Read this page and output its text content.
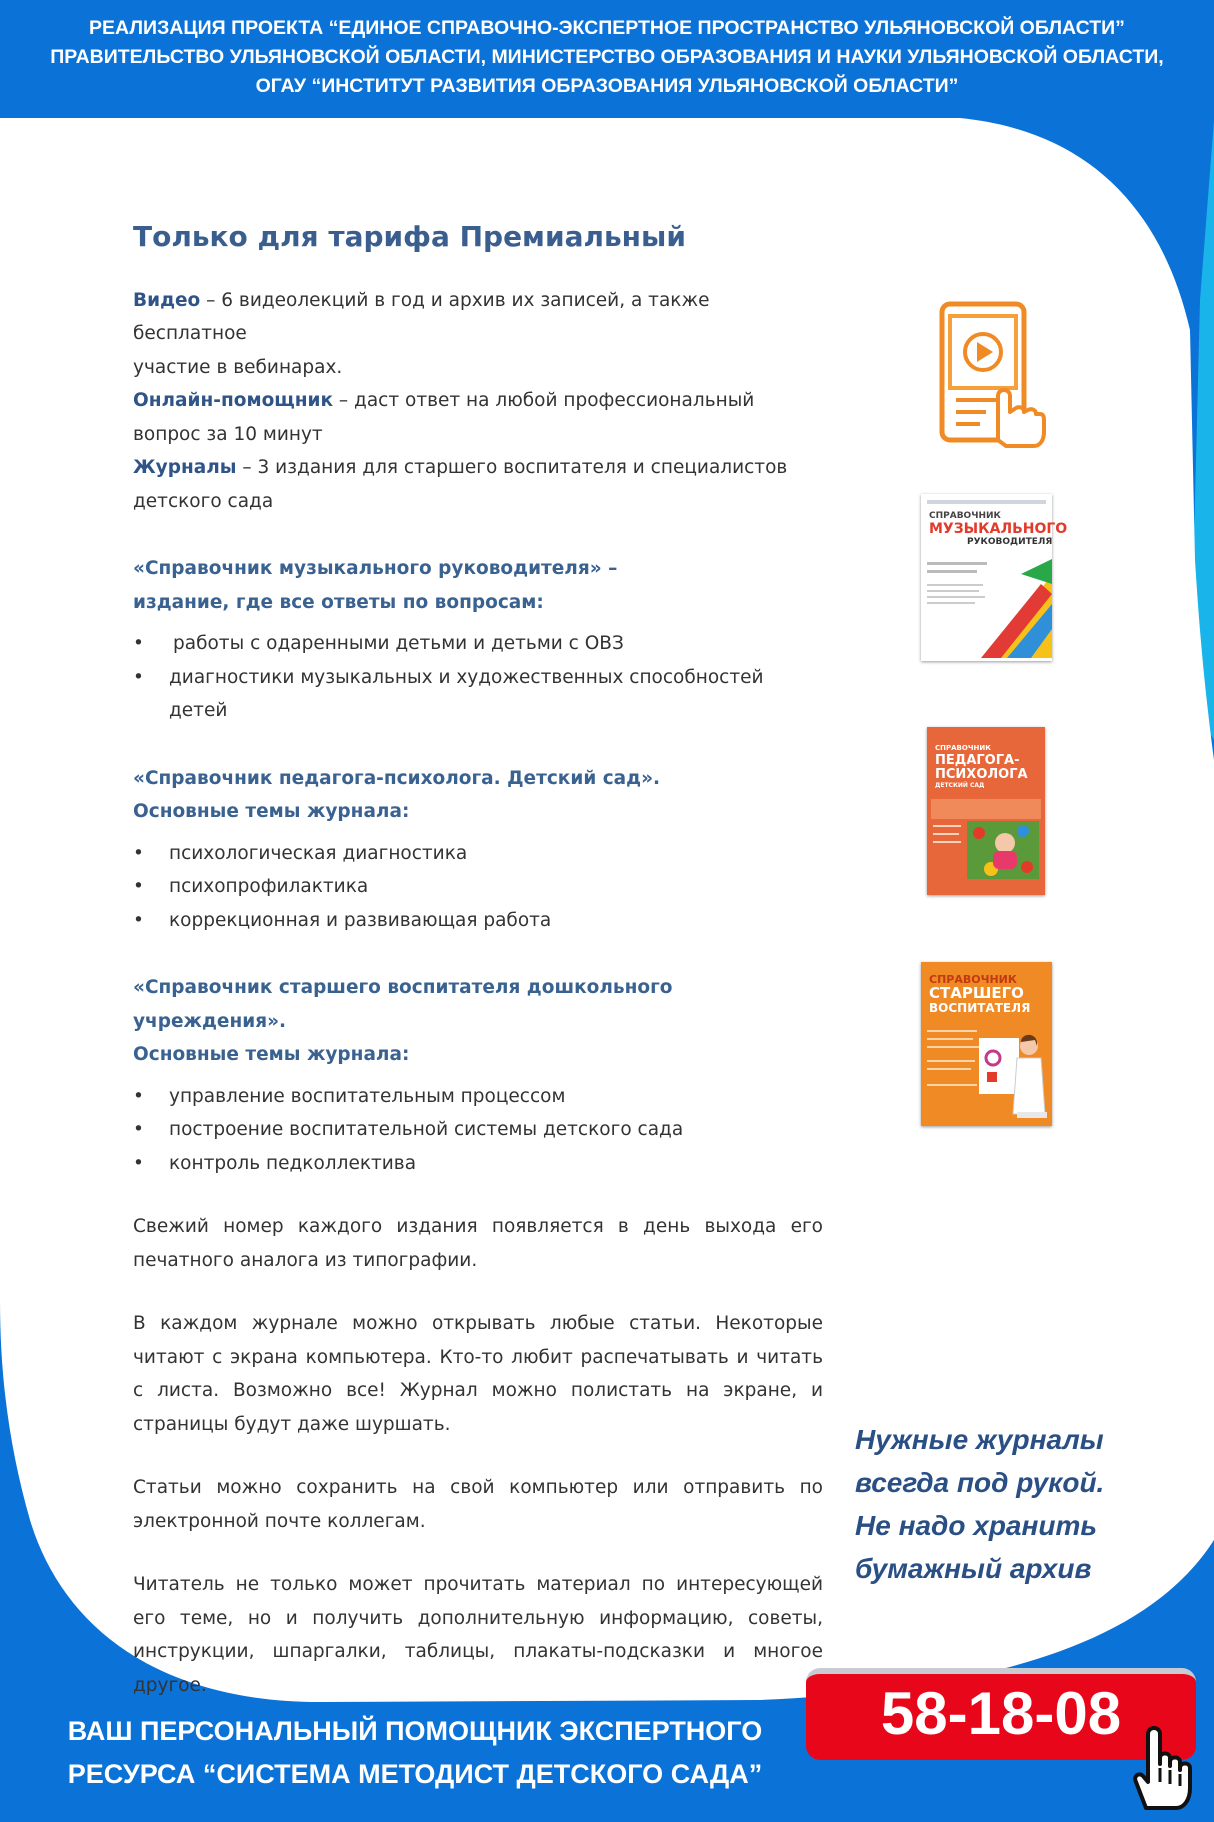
РЕАЛИЗАЦИЯ ПРОЕКТА “ЕДИНОЕ СПРАВОЧНО-ЭКСПЕРТНОЕ ПРОСТРАНСТВО УЛЬЯНОВСКОЙ ОБЛАСТИ”
ПРАВИТЕЛЬСТВО УЛЬЯНОВСКОЙ ОБЛАСТИ, МИНИСТЕРСТВО ОБРАЗОВАНИЯ И НАУКИ УЛЬЯНОВСКОЙ ОБЛАСТИ,
ОГАУ “ИНСТИТУТ РАЗВИТИЯ ОБРАЗОВАНИЯ УЛЬЯНОВСКОЙ ОБЛАСТИ”
Только для тарифа Премиальный

Видео – 6 видеолекций в год и архив их записей, а также бесплатное

участие в вебинарах.

Онлайн-помощник – даст ответ на любой профессиональный

вопрос за 10 минут

Журналы – 3 издания для старшего воспитателя и специалистов

детского сада

«Справочник музыкального руководителя» –
издание, где все ответы по вопросам:
• работы с одаренными детьми и детьми с ОВЗ
• диагностики музыкальных и художественных способностей детей
«Справочник педагога-психолога. Детский сад».
Основные темы журнала:
• психологическая диагностика
• психопрофилактика
• коррекционная и развивающая работа
«Справочник старшего воспитателя дошкольного учреждения».
Основные темы журнала:
• управление воспитательным процессом
• построение воспитательной системы детского сада
• контроль педколлектива

Свежий номер каждого издания появляется в день выхода его печатного аналога из типографии.

В каждом журнале можно открывать любые статьи. Некоторые читают с экрана компьютера. Кто-то любит распечатывать и читать с листа. Возможно все! Журнал можно полистать на экране, и страницы будут даже шуршать.

Статьи можно сохранить на свой компьютер или отправить по электронной почте коллегам.

Читатель не только может прочитать материал по интересующей его теме, но и получить дополнительную информацию, советы, инструкции, шпаргалки, таблицы, плакаты-подсказки и многое другое.

СПРАВОЧНИК
МУЗЫКАЛЬНОГО
РУКОВОДИТЕЛЯ
СПРАВОЧНИК
ПЕДАГОГА-
ПСИХОЛОГА
ДЕТСКИЙ САД
СПРАВОЧНИК
СТАРШЕГО
ВОСПИТАТЕЛЯ
Нужные журналы
всегда под рукой.
Не надо хранить
бумажный архив
ВАШ ПЕРСОНАЛЬНЫЙ ПОМОЩНИК ЭКСПЕРТНОГО
РЕСУРСА “СИСТЕМА МЕТОДИСТ ДЕТСКОГО САДА”
58-18-08
